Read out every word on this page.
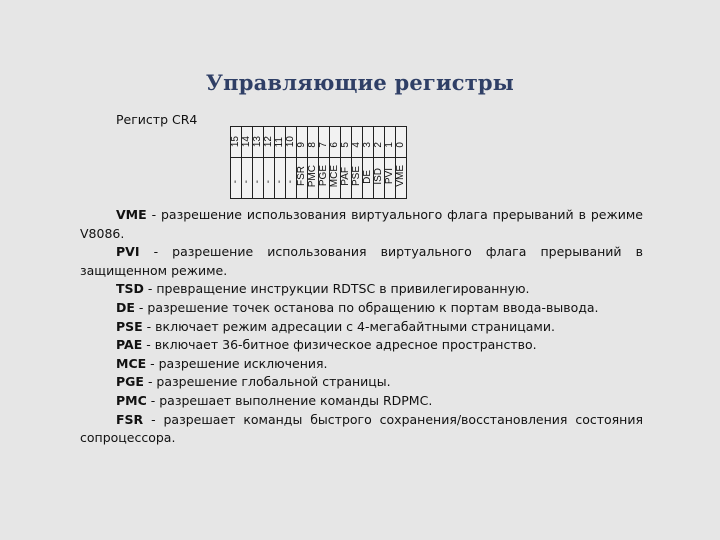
Управляющие регистры
Регистр CR4
15	14	13	12	11	10	9	8	7	6	5	4	3	2	1	0
-	-	-	-	-	-	FSR	PMC	PGE	MCE	PAF	PSE	DE	ISD	PVI	VME

VME - разрешение использования виртуального флага прерываний в режиме V8086.

PVI - разрешение использования виртуального флага прерываний в защищенном режиме.

TSD - превращение инструкции RDTSC в привилегированную.

DE - разрешение точек останова по обращению к портам ввода-вывода.

PSE - включает режим адресации с 4-мегабайтными страницами.

PAE - включает 36-битное физическое адресное пространство.

MCE - разрешение исключения.

PGE - разрешение глобальной страницы.

PMC - разрешает выполнение команды RDPMC.

FSR - разрешает команды быстрого сохранения/восстановления состояния сопроцессора.
